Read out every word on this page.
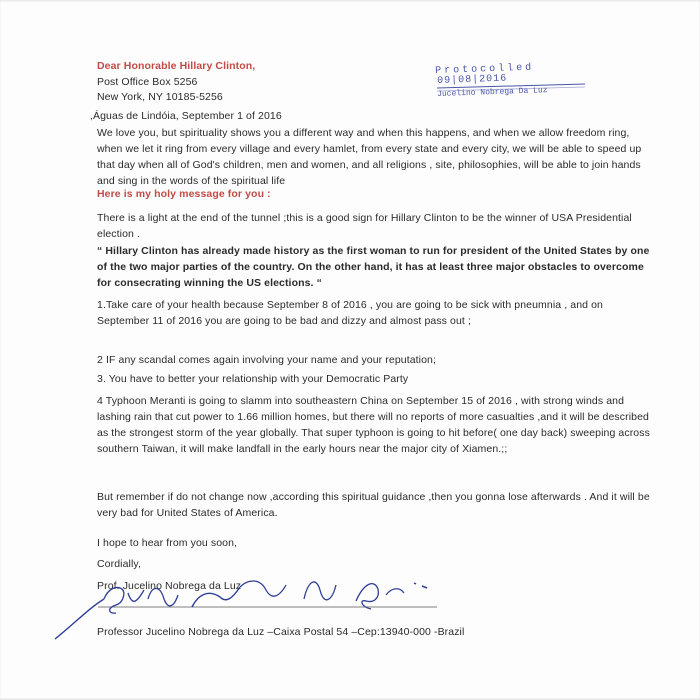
Dear Honorable Hillary Clinton,
Post Office Box 5256
New York, NY 10185-5256
,Águas de Lindóia, September 1 of 2016
Protocolled
09|08|2016
Jucelino Nobrega Da Luz
We love you, but spirituality shows you a different way and when this happens, and when we allow freedom ring, when we let it ring from every village and every hamlet, from every state and every city, we will be able to speed up that day when all of God's children, men and women, and all religions , site, philosophies, will be able to join hands and sing in the words of the spiritual life
Here is my holy message for you :
There is a light at the end of the tunnel ;this is a good sign for Hillary Clinton to be the winner of USA Presidential election .
“ Hillary Clinton has already made history as the first woman to run for president of the United States by one of the two major parties of the country. On the other hand, it has at least three major obstacles to overcome for consecrating winning the US elections. “
1.Take care of your health because September 8 of 2016 , you are going to be sick with pneumnia , and on September 11 of 2016 you are going to be bad and dizzy and almost pass out ;
2 IF any scandal comes again involving your name and your reputation;
3. You have to better your relationship with your Democratic Party
4 Typhoon Meranti is going to slamm into southeastern China on September 15 of 2016 , with strong winds and lashing rain that cut power to 1.66 million homes, but there will no reports of more casualties ,and it will be described as the strongest storm of the year globally. That super typhoon is going to hit before( one day back) sweeping across southern Taiwan, it will make landfall in the early hours near the major city of Xiamen.;;
But remember if do not change now ,according this spiritual guidance ,then you gonna lose afterwards . And it will be very bad for United States of America.
I hope to hear from you soon,
Cordially,
Prof. Jucelino Nobrega da Luz
Professor Jucelino Nobrega da Luz –Caixa Postal 54 –Cep:13940-000 -Brazil
